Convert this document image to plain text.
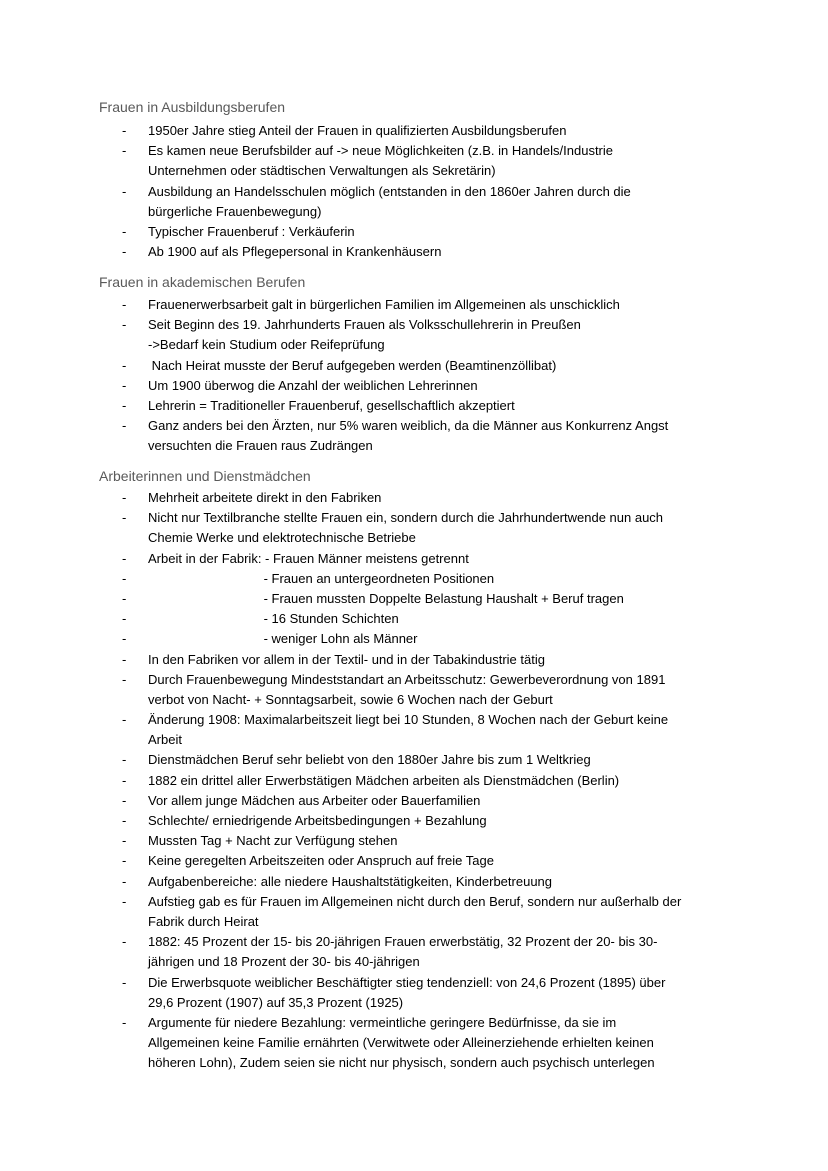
Frauen in Ausbildungsberufen
- 1950er Jahre stieg Anteil der Frauen in qualifizierten Ausbildungsberufen
- Es kamen neue Berufsbilder auf -> neue Möglichkeiten (z.B. in Handels/Industrie
Unternehmen oder städtischen Verwaltungen als Sekretärin)
- Ausbildung an Handelsschulen möglich (entstanden in den 1860er Jahren durch die
bürgerliche Frauenbewegung)
- Typischer Frauenberuf : Verkäuferin
- Ab 1900 auf als Pflegepersonal in Krankenhäusern
Frauen in akademischen Berufen
- Frauenerwerbsarbeit galt in bürgerlichen Familien im Allgemeinen als unschicklich
- Seit Beginn des 19. Jahrhunderts Frauen als Volksschullehrerin in Preußen
->Bedarf kein Studium oder Reifeprüfung
- Nach Heirat musste der Beruf aufgegeben werden (Beamtinenzöllibat)
- Um 1900 überwog die Anzahl der weiblichen Lehrerinnen
- Lehrerin = Traditioneller Frauenberuf, gesellschaftlich akzeptiert
- Ganz anders bei den Ärzten, nur 5% waren weiblich, da die Männer aus Konkurrenz Angst
versuchten die Frauen raus Zudrängen
Arbeiterinnen und Dienstmädchen
- Mehrheit arbeitete direkt in den Fabriken
- Nicht nur Textilbranche stellte Frauen ein, sondern durch die Jahrhundertwende nun auch
Chemie Werke und elektrotechnische Betriebe
- Arbeit in der Fabrik: - Frauen Männer meistens getrennt
- - Frauen an untergeordneten Positionen
- - Frauen mussten Doppelte Belastung Haushalt + Beruf tragen
- - 16 Stunden Schichten
- - weniger Lohn als Männer
- In den Fabriken vor allem in der Textil- und in der Tabakindustrie tätig
- Durch Frauenbewegung Mindeststandart an Arbeitsschutz: Gewerbeverordnung von 1891
verbot von Nacht- + Sonntagsarbeit, sowie 6 Wochen nach der Geburt
- Änderung 1908: Maximalarbeitszeit liegt bei 10 Stunden, 8 Wochen nach der Geburt keine
Arbeit
- Dienstmädchen Beruf sehr beliebt von den 1880er Jahre bis zum 1 Weltkrieg
- 1882 ein drittel aller Erwerbstätigen Mädchen arbeiten als Dienstmädchen (Berlin)
- Vor allem junge Mädchen aus Arbeiter oder Bauerfamilien
- Schlechte/ erniedrigende Arbeitsbedingungen + Bezahlung
- Mussten Tag + Nacht zur Verfügung stehen
- Keine geregelten Arbeitszeiten oder Anspruch auf freie Tage
- Aufgabenbereiche: alle niedere Haushaltstätigkeiten, Kinderbetreuung
- Aufstieg gab es für Frauen im Allgemeinen nicht durch den Beruf, sondern nur außerhalb der
Fabrik durch Heirat
- 1882: 45 Prozent der 15- bis 20-jährigen Frauen erwerbstätig, 32 Prozent der 20- bis 30-
jährigen und 18 Prozent der 30- bis 40-jährigen
- Die Erwerbsquote weiblicher Beschäftigter stieg tendenziell: von 24,6 Prozent (1895) über
29,6 Prozent (1907) auf 35,3 Prozent (1925)
- Argumente für niedere Bezahlung: vermeintliche geringere Bedürfnisse, da sie im
Allgemeinen keine Familie ernährten (Verwitwete oder Alleinerziehende erhielten keinen
höheren Lohn), Zudem seien sie nicht nur physisch, sondern auch psychisch unterlegen
